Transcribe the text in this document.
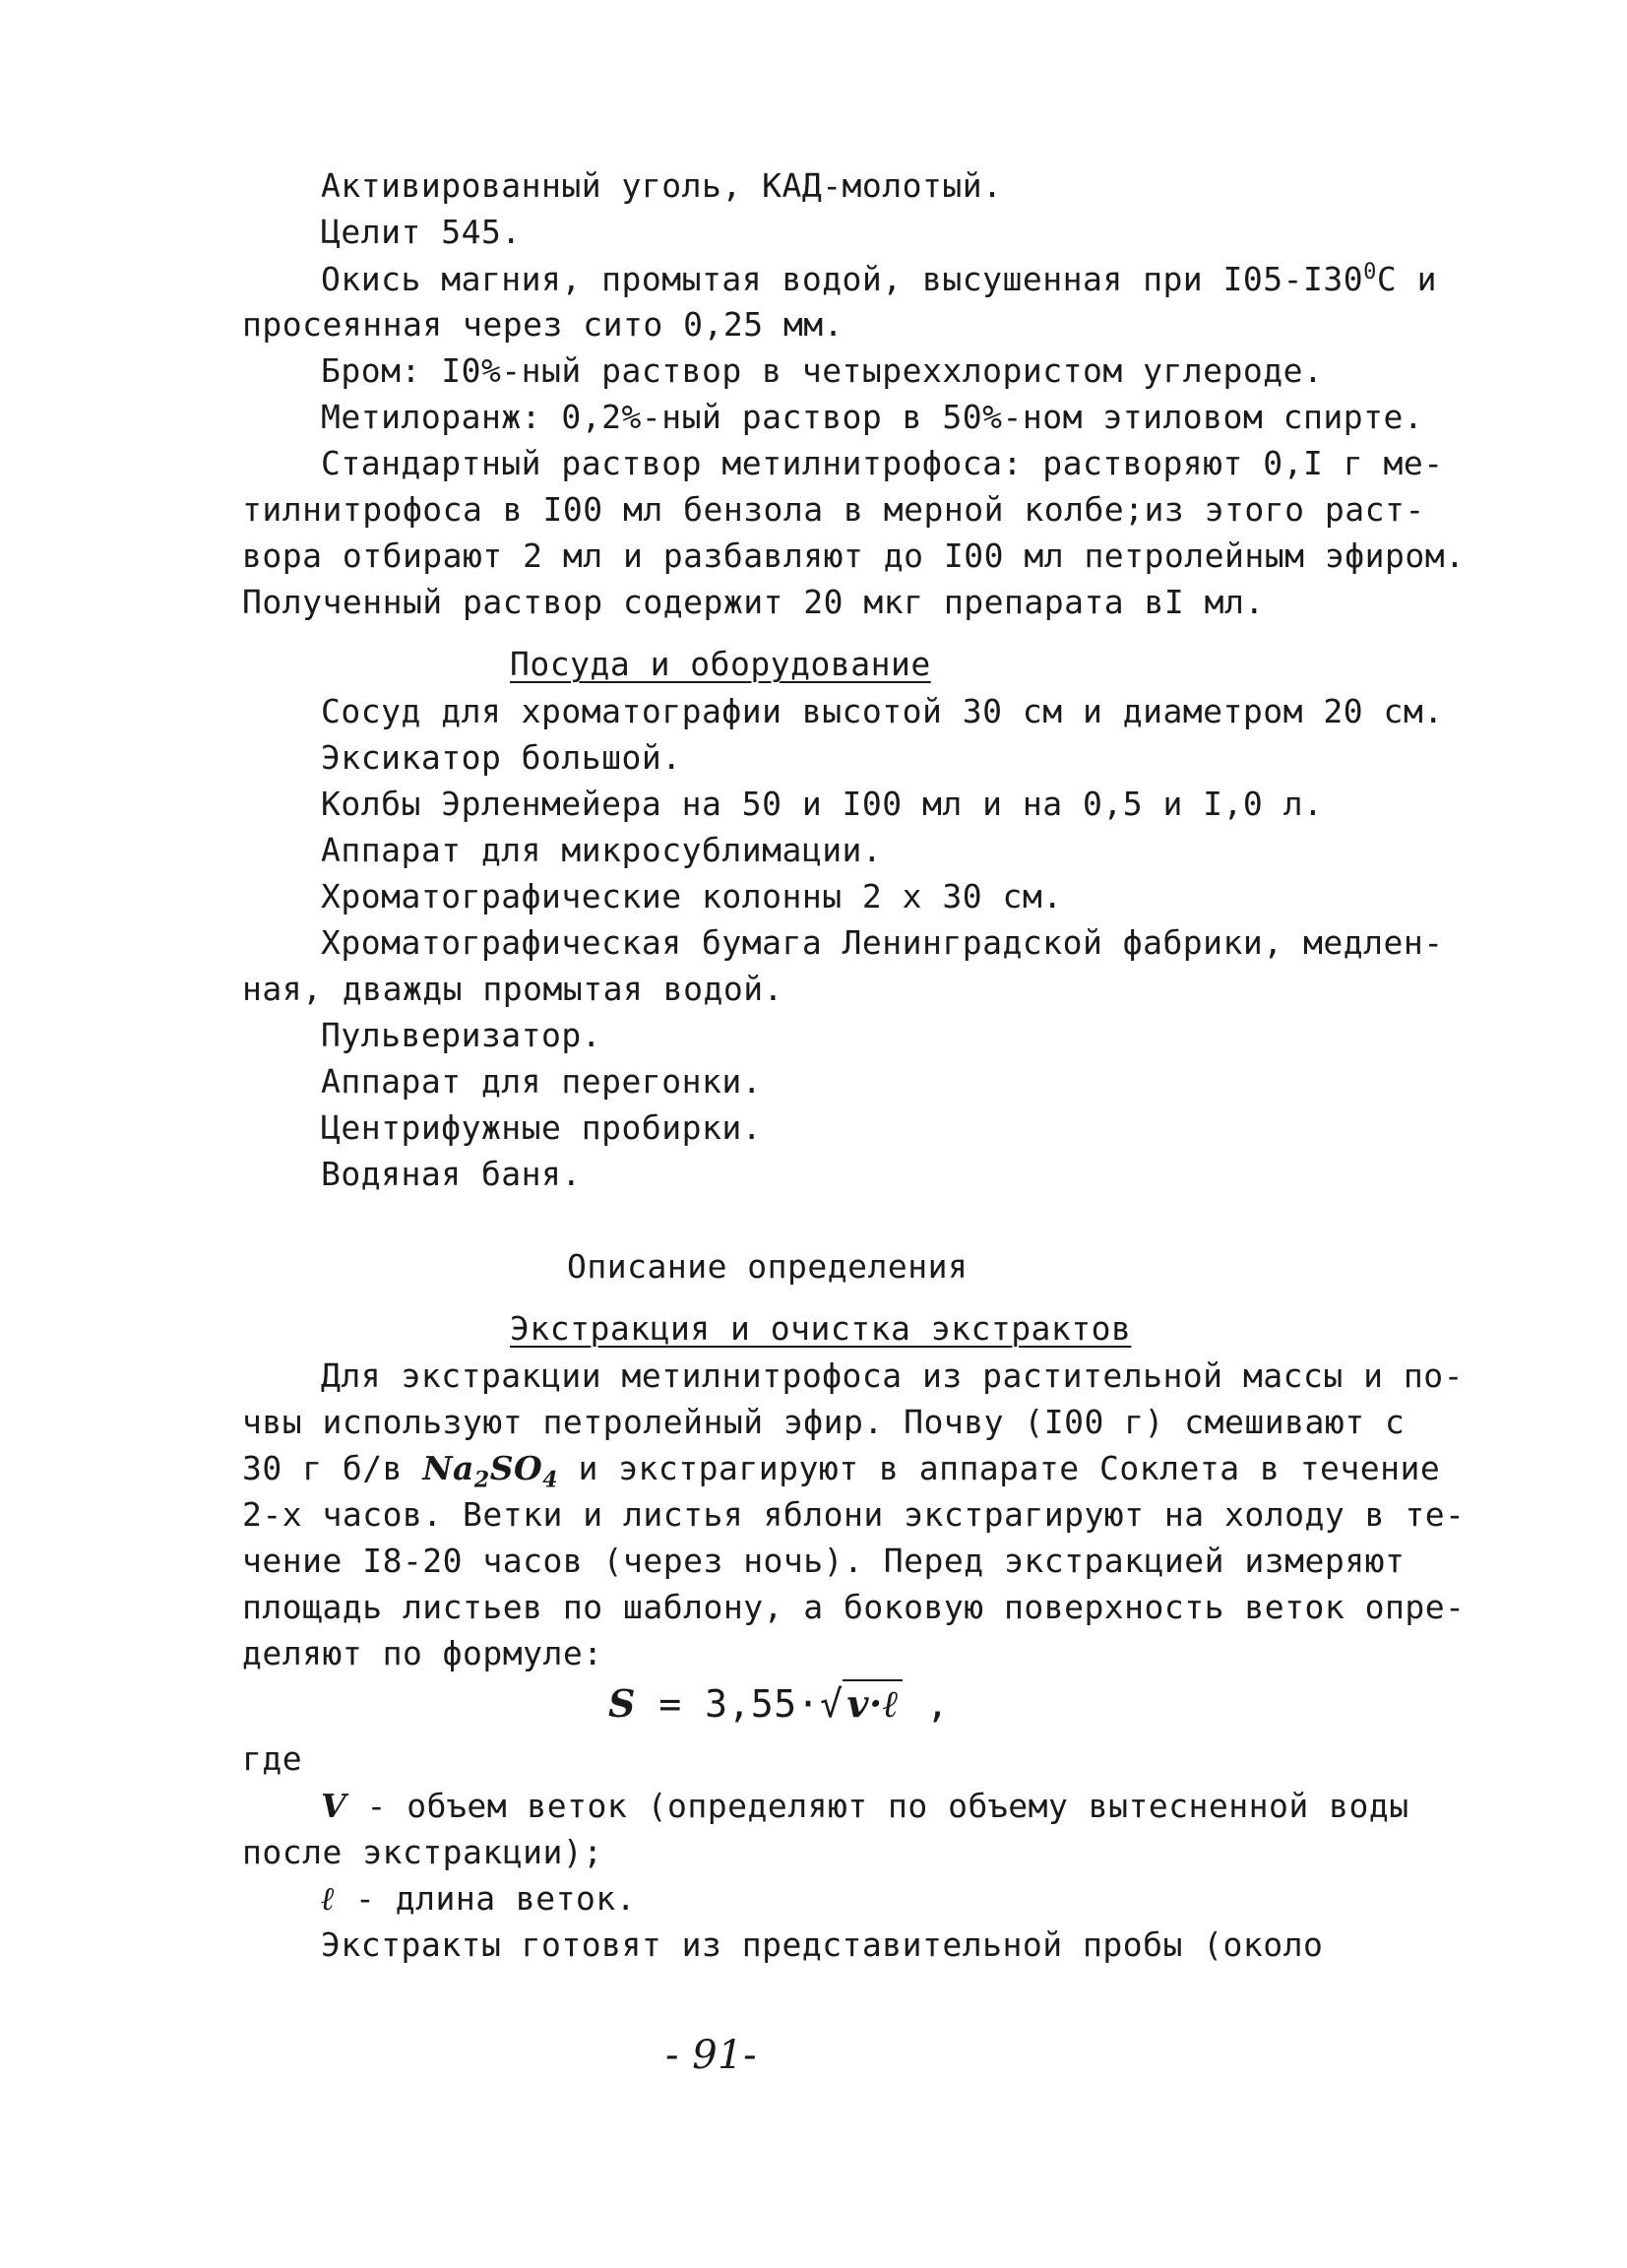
Активированный уголь, КАД-молотый.
Целит 545.
Окись магния, промытая водой, высушенная при $I05-I30^0С$ и
просеянная через сито 0,25 мм.
Бром: I0%-ный раствор в четыреххлористом углероде.
Метилоранж: 0,2%-ный раствор в 50%-ном этиловом спирте.
Стандартный раствор метилнитрофоса: растворяют 0,I г ме-
тилнитрофоса в I00 мл бензола в мерной колбе;из этого раст-
вора отбирают 2 мл и разбавляют до I00 мл петролейным эфиром.
Полученный раствор содержит 20 мкг препарата вI мл.
Посуда и оборудование
Сосуд для хроматографии высотой 30 см и диаметром 20 см.
Эксикатор большой.
Колбы Эрленмейера на 50 и I00 мл и на 0,5 и I,0 л.
Аппарат для микросублимации.
Хроматографические колонны 2 х 30 см.
Хроматографическая бумага Ленинградской фабрики, медлен-
ная, дважды промытая водой.
Пульверизатор.
Аппарат для перегонки.
Центрифужные пробирки.
Водяная баня.
Описание определения
Экстракция и очистка экстрактов
Для экстракции метилнитрофоса из растительной массы и по-
чвы используют петролейный эфир. Почву (I00 г) смешивают с
30 г б/в $Na_2SO_4$ и экстрагируют в аппарате Соклета в течение
2-х часов. Ветки и листья яблони экстрагируют на холоду в те-
чение I8-20 часов (через ночь). Перед экстракцией измеряют
площадь листьев по шаблону, а боковую поверхность веток опре-
деляют по формуле:
S = 3,55·√ v·ℓ ,
где
V - объем веток (определяют по объему вытесненной воды
после экстракции);
ℓ - длина веток.
Экстракты готовят из представительной пробы (около
- 91-
